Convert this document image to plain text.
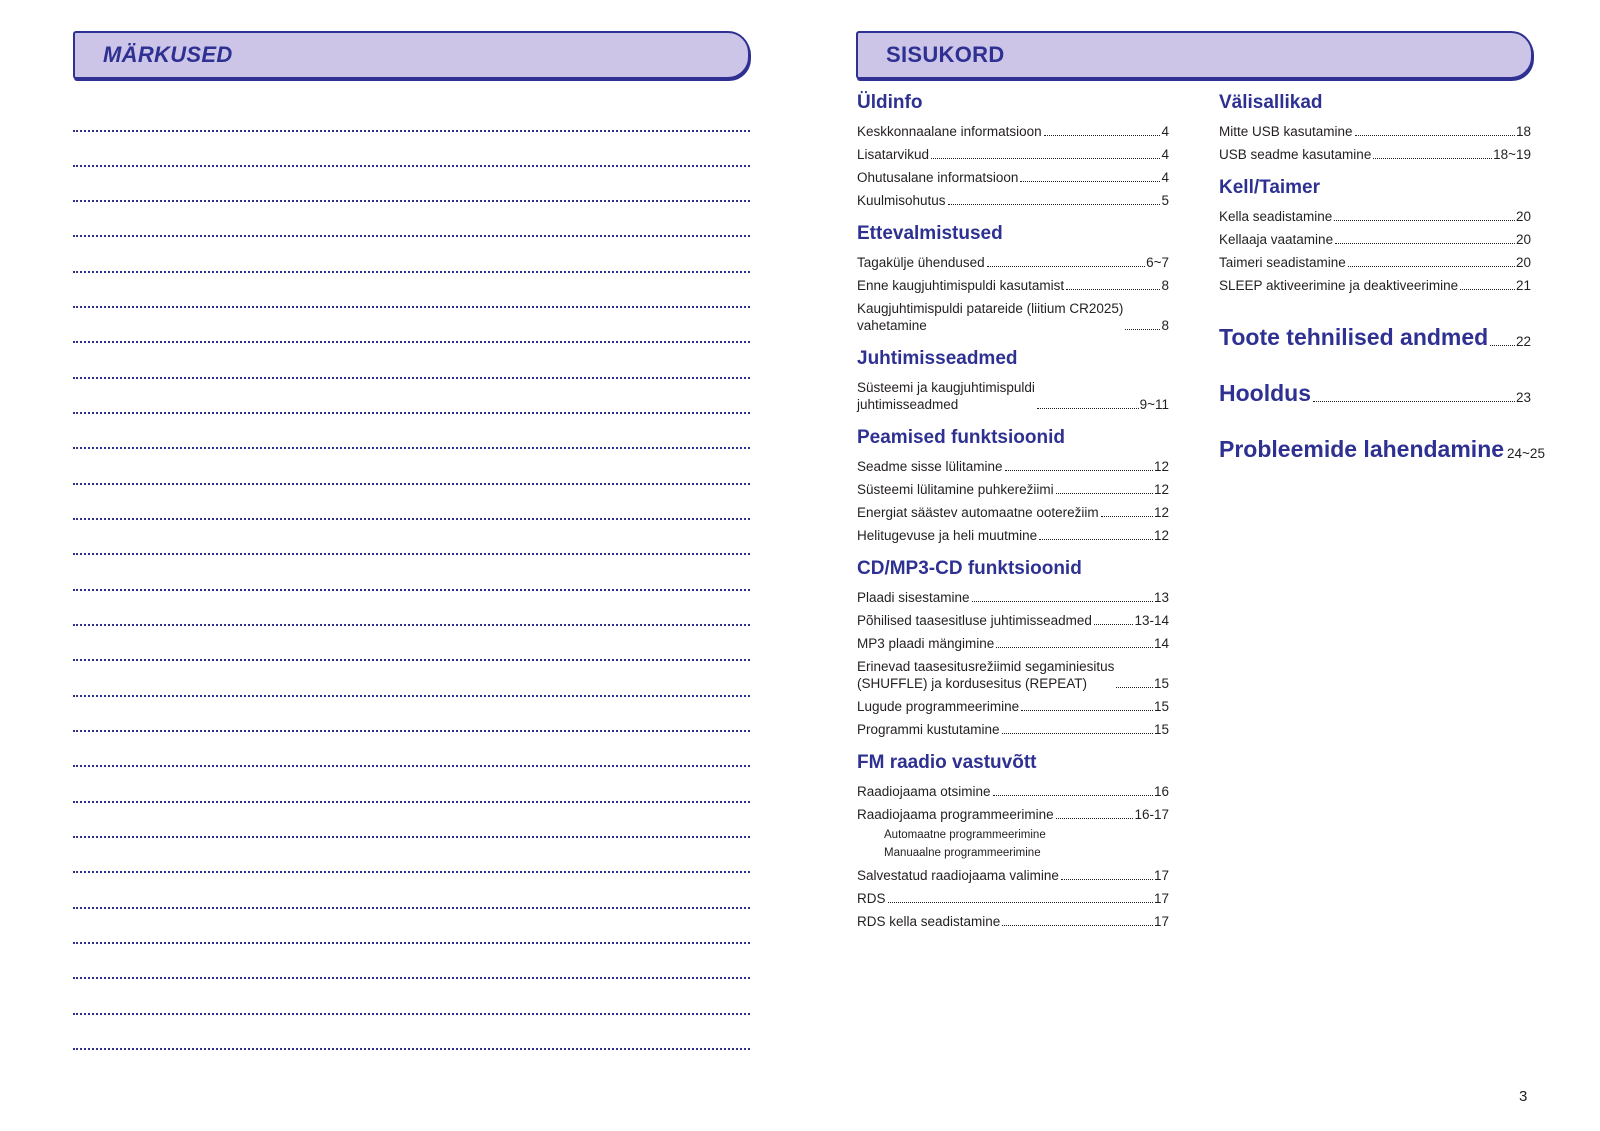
MÄRKUSED	SISUKORD
Üldinfo
Keskkonnaalane informatsioon	4
Lisatarvikud	4
Ohutusalane informatsioon	4
Kuulmisohutus	5
Ettevalmistused
Tagakülje ühendused	6~7
Enne kaugjuhtimispuldi kasutamist	8
Kaugjuhtimispuldi patareide (liitium CR2025)
vahetamine	8
Juhtimisseadmed
Süsteemi ja kaugjuhtimispuldi
juhtimisseadmed	9~11
Peamised funktsioonid
Seadme sisse lülitamine	12
Süsteemi lülitamine puhkerežiimi	12
Energiat säästev automaatne ooterežiim	12
Helitugevuse ja heli muutmine	12
CD/MP3-CD funktsioonid
Plaadi sisestamine	13
Põhilised taasesitluse juhtimisseadmed	13-14
MP3 plaadi mängimine	14
Erinevad taasesitusrežiimid segaminiesitus
(SHUFFLE) ja kordusesitus (REPEAT)	15
Lugude programmeerimine	15
Programmi kustutamine	15
FM raadio vastuvõtt
Raadiojaama otsimine	16
Raadiojaama programmeerimine	16-17
Automaatne programmeerimine
Manuaalne programmeerimine
Salvestatud raadiojaama valimine	17
RDS	17
RDS kella seadistamine	17
Välisallikad
Mitte USB kasutamine	18
USB seadme kasutamine	18~19
Kell/Taimer
Kella seadistamine	20
Kellaaja vaatamine	20
Taimeri seadistamine	20
SLEEP aktiveerimine ja deaktiveerimine	21
Toote tehnilised andmed 22
Hooldus	23
Probleemide lahendamine 24~25
3
